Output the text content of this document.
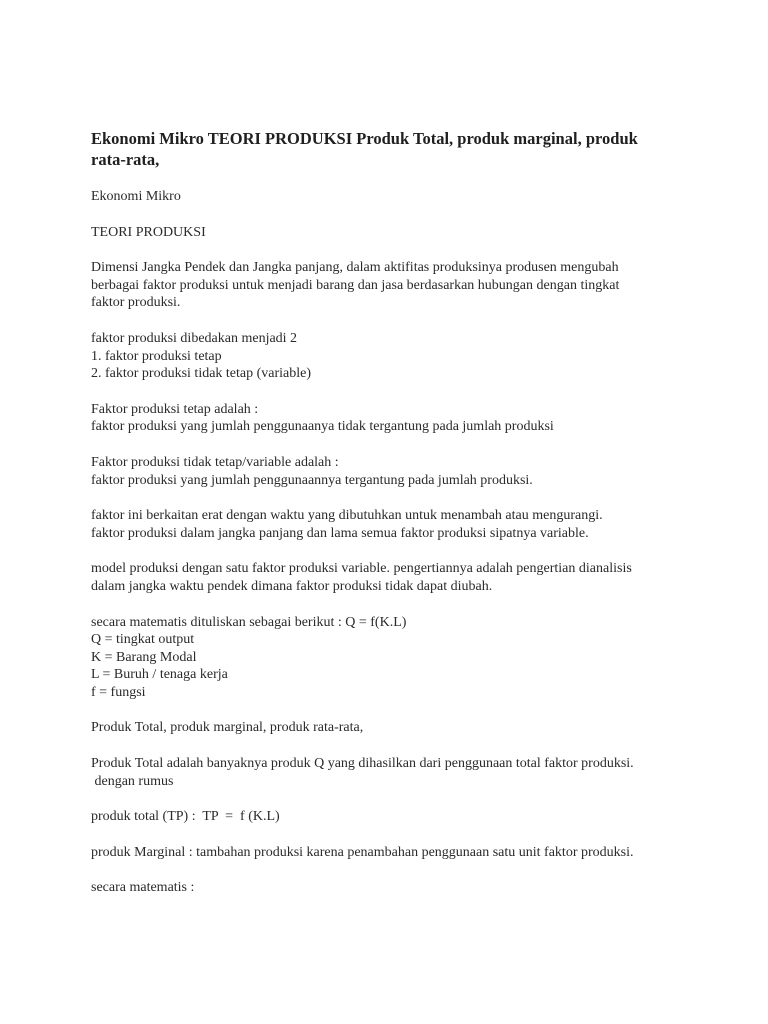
Ekonomi Mikro TEORI PRODUKSI Produk Total, produk marginal, produk
rata-rata,

Ekonomi Mikro

TEORI PRODUKSI

Dimensi Jangka Pendek dan Jangka panjang, dalam aktifitas produksinya produsen mengubah
berbagai faktor produksi untuk menjadi barang dan jasa berdasarkan hubungan dengan tingkat
faktor produksi.

faktor produksi dibedakan menjadi 2
1. faktor produksi tetap
2. faktor produksi tidak tetap (variable)

Faktor produksi tetap adalah :
faktor produksi yang jumlah penggunaanya tidak tergantung pada jumlah produksi

Faktor produksi tidak tetap/variable adalah :
faktor produksi yang jumlah penggunaannya tergantung pada jumlah produksi.

faktor ini berkaitan erat dengan waktu yang dibutuhkan untuk menambah atau mengurangi.
faktor produksi dalam jangka panjang dan lama semua faktor produksi sipatnya variable.

model produksi dengan satu faktor produksi variable. pengertiannya adalah pengertian dianalisis
dalam jangka waktu pendek dimana faktor produksi tidak dapat diubah.

secara matematis dituliskan sebagai berikut : Q = f(K.L)
Q = tingkat output
K = Barang Modal
L = Buruh / tenaga kerja
f = fungsi

Produk Total, produk marginal, produk rata-rata,

Produk Total adalah banyaknya produk Q yang dihasilkan dari penggunaan total faktor produksi.
dengan rumus

produk total (TP) :  TP  =  f (K.L)

produk Marginal : tambahan produksi karena penambahan penggunaan satu unit faktor produksi.

secara matematis :
